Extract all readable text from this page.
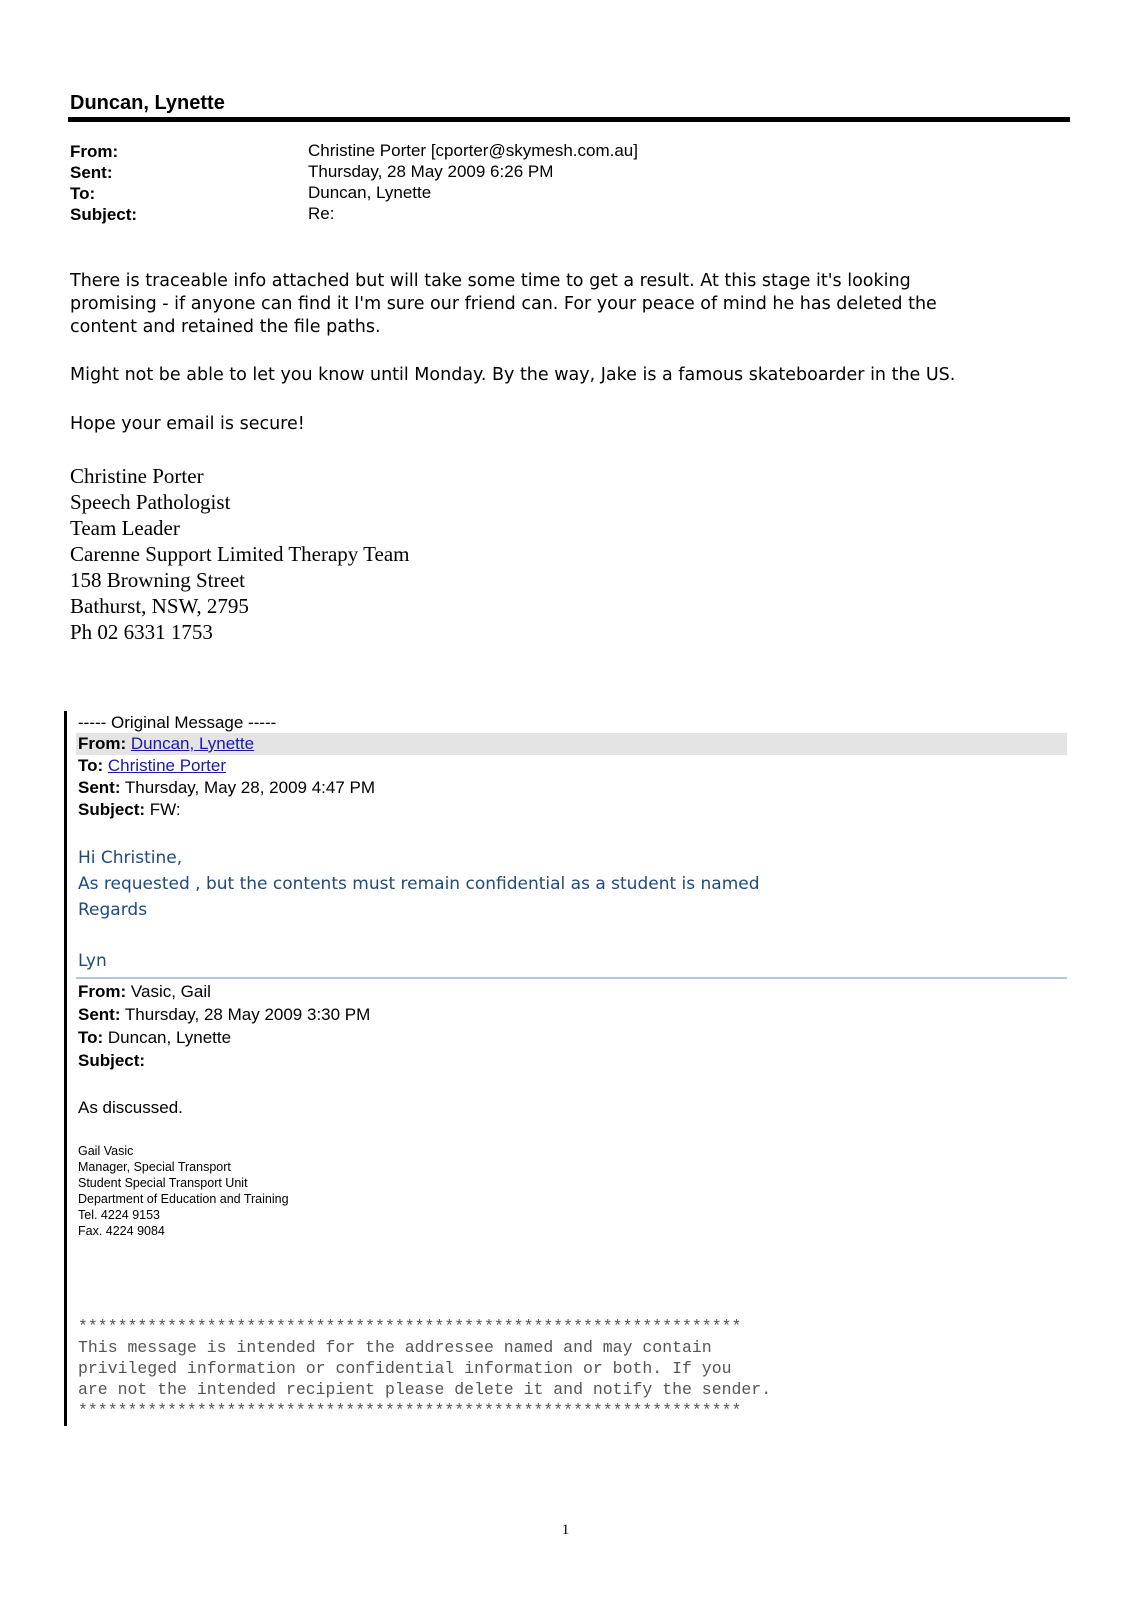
Duncan, Lynette
From:	Christine Porter [cporter@skymesh.com.au]
Sent:	Thursday, 28 May 2009 6:26 PM
To:	Duncan, Lynette
Subject:	Re:
There is traceable info attached but will take some time to get a result. At this stage it's looking
promising - if anyone can find it I'm sure our friend can. For your peace of mind he has deleted the
content and retained the file paths.
Might not be able to let you know until Monday. By the way, Jake is a famous skateboarder in the US.
Hope your email is secure!
Christine Porter
Speech Pathologist
Team Leader
Carenne Support Limited Therapy Team
158 Browning Street
Bathurst, NSW, 2795
Ph 02 6331 1753
----- Original Message -----
From: Duncan, Lynette
To: Christine Porter
Sent: Thursday, May 28, 2009 4:47 PM
Subject: FW:
Hi Christine,
As requested , but the contents must remain confidential as a student is named
Regards
Lyn
From: Vasic, Gail
Sent: Thursday, 28 May 2009 3:30 PM
To: Duncan, Lynette
Subject:
As discussed.
Gail Vasic
Manager, Special Transport
Student Special Transport Unit
Department of Education and Training
Tel. 4224 9153
Fax. 4224 9084
*******************************************************************
This message is intended for the addressee named and may contain
privileged information or confidential information or both. If you
are not the intended recipient please delete it and notify the sender.
*******************************************************************
1
